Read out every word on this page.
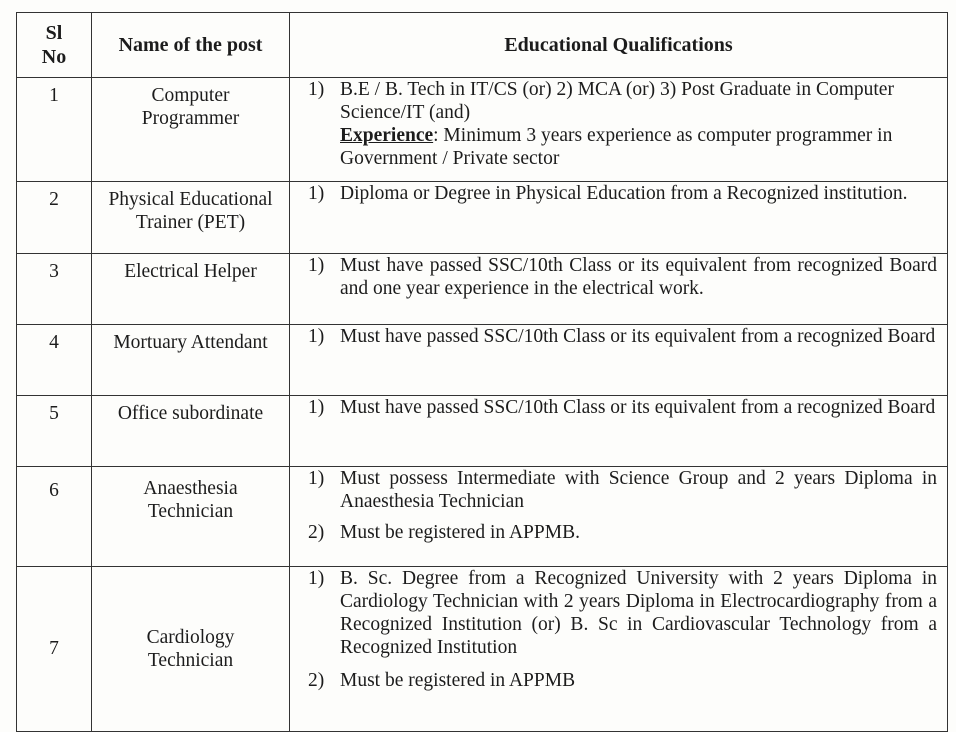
Sl No	Name of the post	Educational Qualifications
1	Computer Programmer	1) B.E / B. Tech in IT/CS (or) 2) MCA (or) 3) Post Graduate in Computer Science/IT (and)
Experience: Minimum 3 years experience as computer programmer in Government / Private sector

2	Physical Educational Trainer (PET)	1) Diploma or Degree in Physical Education from a Recognized institution.

3	Electrical Helper	1) Must have passed SSC/10th Class or its equivalent from recognized Board and one year experience in the electrical work.

4	Mortuary Attendant	1) Must have passed SSC/10th Class or its equivalent from a recognized Board

5	Office subordinate	1) Must have passed SSC/10th Class or its equivalent from a recognized Board

6	Anaesthesia Technician	1) Must possess Intermediate with Science Group and 2 years Diploma in Anaesthesia Technician
2) Must be registered in APPMB.

7	Cardiology Technician	1) B. Sc. Degree from a Recognized University with 2 years Diploma in Cardiology Technician with 2 years Diploma in Electrocardiography from a Recognized Institution (or) B. Sc in Cardiovascular Technology from a Recognized Institution
2) Must be registered in APPMB
